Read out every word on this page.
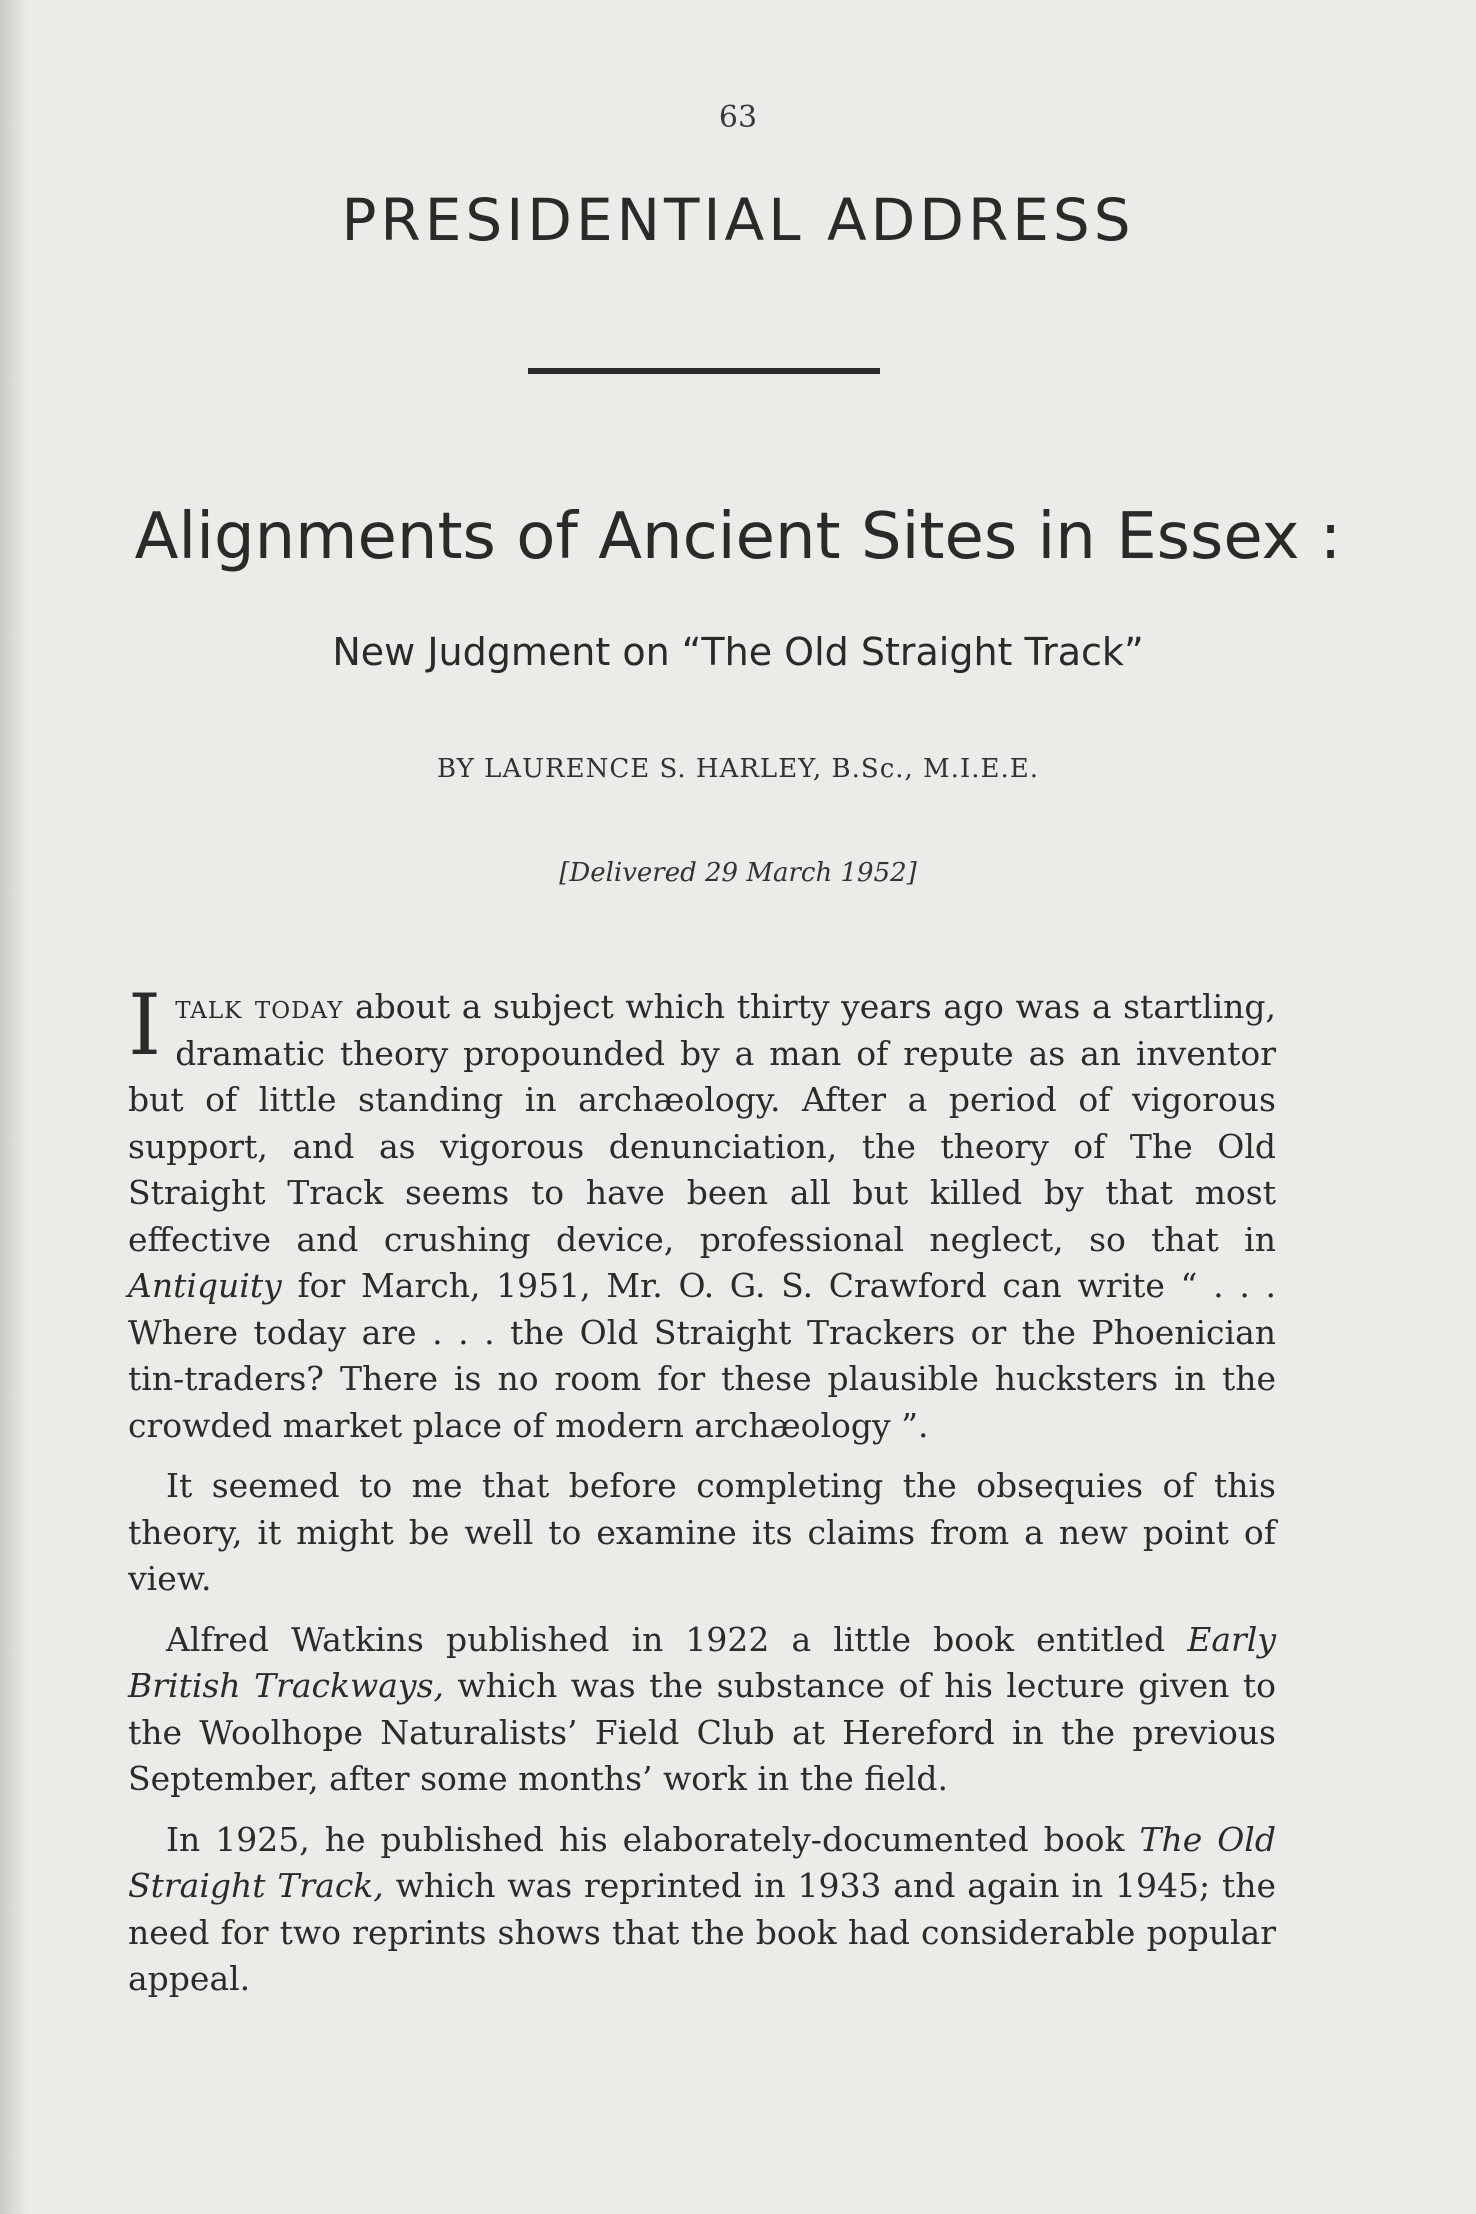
63
PRESIDENTIAL ADDRESS
Alignments of Ancient Sites in Essex :
New Judgment on “The Old Straight Track”
BY LAURENCE S. HARLEY, B.Sc., M.I.E.E.
[Delivered 29 March 1952]

Italk today about a subject which thirty years ago was a startling, dramatic theory propounded by a man of repute as an inventor but of little standing in archæology. After a period of vigorous support, and as vigorous denunciation, the theory of The Old Straight Track seems to have been all but killed by that most effective and crushing device, professional neglect, so that in Antiquity for March, 1951, Mr. O. G. S. Crawford can write “ . . . Where today are . . . the Old Straight Trackers or the Phoenician tin-traders? There is no room for these plausible hucksters in the crowded market place of modern archæology ”.

It seemed to me that before completing the obsequies of this theory, it might be well to examine its claims from a new point of view.

Alfred Watkins published in 1922 a little book entitled Early British Trackways, which was the substance of his lecture given to the Woolhope Naturalists’ Field Club at Hereford in the previous September, after some months’ work in the field.

In 1925, he published his elaborately-documented book The Old Straight Track, which was reprinted in 1933 and again in 1945; the need for two reprints shows that the book had considerable popular appeal.
